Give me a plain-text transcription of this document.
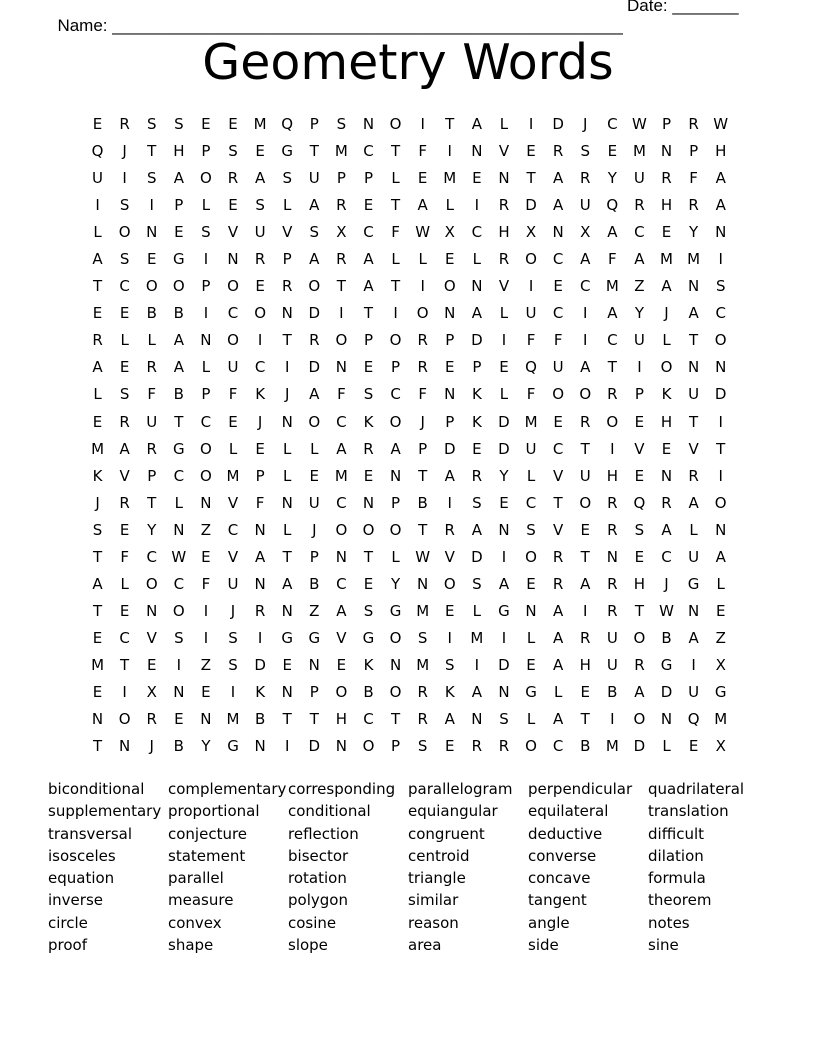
Name: ______________________________________________________

Date: _______

Geometry Words
E	R	S	S	E	E	M Q	P	S	N	O	I	T	A	L	I	D	J	C W	P	R W
Q	J	T	H	P	S	E	G	T	M	C	T	F	I	N	V	E	R	S	E	M	N	P	H
U	I	S	A	O	R	A	S	U	P	P	L	E	M	E	N	T	A	R	Y	U	R	F	A
I	S	I	P	L	E	S	L	A	R	E	T	A	L	I	R	D	A	U	Q	R	H	R	A
L	O	N	E	S	V	U	V	S	X	C	F	W X	C	H	X	N	X	A	C	E	Y	N
A	S	E	G	I	N	R	P	A	R	A	L	L	E	L	R	O	C	A	F	A	M M	I
T	C	O	O	P	O	E	R	O	T	A	T	I	O	N	V	I	E	C	M	Z	A	N	S
E	E	B	B	I	C	O	N	D	I	T	I	O	N	A	L	U	C	I	A	Y	J	A	C
R	L	L	A	N	O	I	T	R	O	P	O	R	P	D	I	F	F	I	C	U	L	T	O
A	E	R	A	L	U	C	I	D	N	E	P	R	E	P	E	Q	U	A	T	I	O	N	N
L	S	F	B	P	F	K	J	A	F	S	C	F	N	K	L	F	O	O	R	P	K	U	D
E	R	U	T	C	E	J	N	O	C	K	O	J	P	K	D M	E	R	O	E	H	T	I
M	A	R	G	O	L	E	L	L	A	R	A	P	D	E	D	U	C	T	I	V	E	V	T
K	V	P	C	O M	P	L	E	M	E	N	T	A	R	Y	L	V	U	H	E	N	R	I
J	R	T	L	N	V	F	N	U	C	N	P	B	I	S	E	C	T	O	R	Q	R	A	O
S	E	Y	N	Z	C	N	L	J	O	O	O	T	R	A	N	S	V	E	R	S	A	L	N
T	F	C W E	V	A	T	P	N	T	L	W V	D	I	O	R	T	N	E	C	U	A
A	L	O	C	F	U	N	A	B	C	E	Y	N	O	S	A	E	R	A	R	H	J	G	L
T	E	N	O	I	J	R	N	Z	A	S	G M	E	L	G	N	A	I	R	T	W N	E
E	C	V	S	I	S	I	G	G	V	G	O	S	I	M	I	L	A	R	U	O	B	A	Z
M	T	E	I	Z	S	D	E	N	E	K	N	M	S	I	D	E	A	H	U	R	G	I	X
E	I	X	N	E	I	K	N	P	O	B	O	R	K	A	N	G	L	E	B	A	D	U	G
N	O	R	E	N	M	B	T	T	H	C	T	R	A	N	S	L	A	T	I	O	N	Q M
T	N	J	B	Y	G	N	I	D	N	O	P	S	E	R	R	O	C	B	M D	L	E	X
biconditional	complementary corresponding parallelogram	perpendicular	quadrilateral
supplementary proportional	conditional	equiangular	equilateral	translation
transversal	conjecture	reflection	congruent	deductive	difficult
isosceles	statement	bisector	centroid	converse	dilation
equation	parallel	rotation	triangle	concave	formula
inverse	measure	polygon	similar	tangent	theorem
circle	convex	cosine	reason	angle	notes
proof	shape	slope	area	side	sine
